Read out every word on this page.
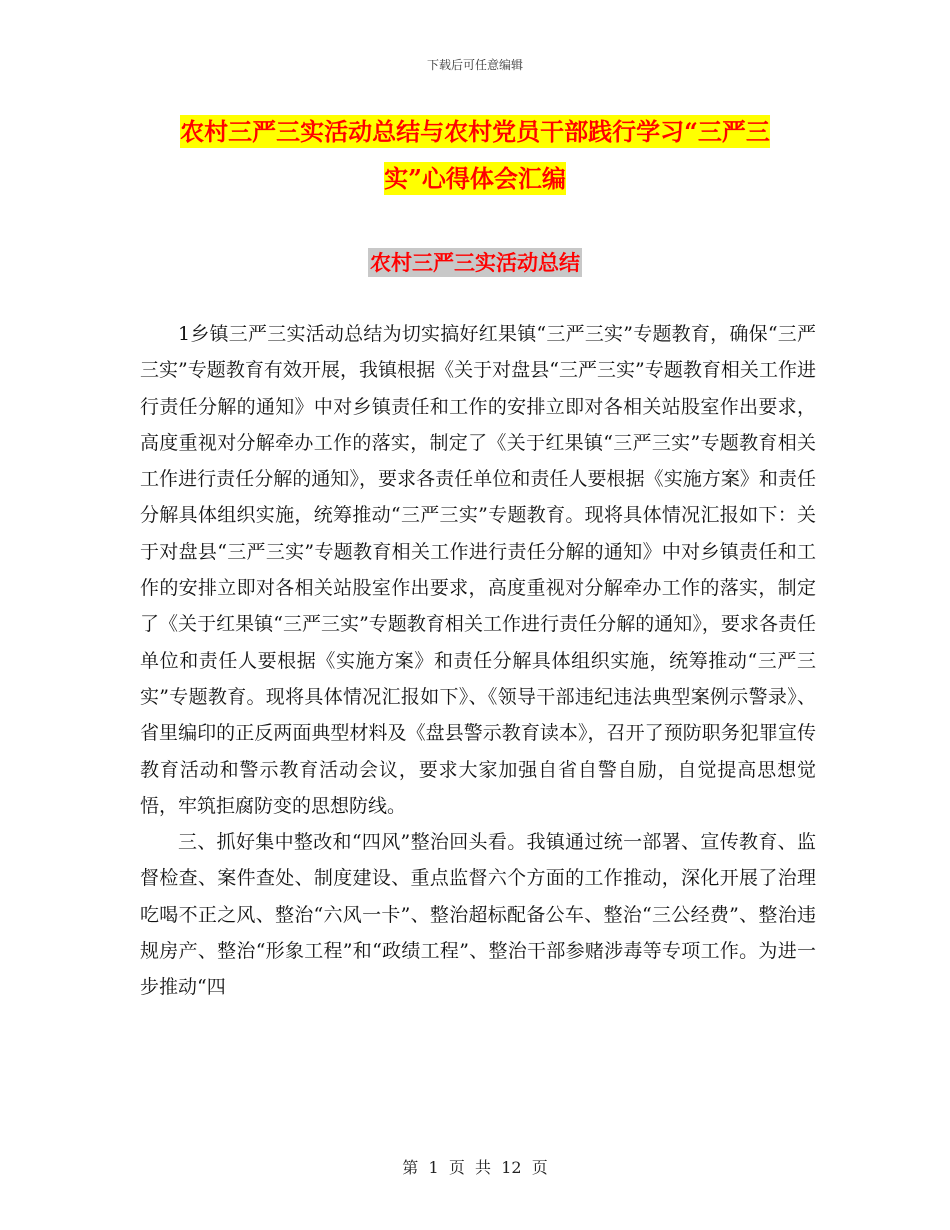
下载后可任意编辑
农村三严三实活动总结与农村党员干部践行学习“三严三实”心得体会汇编
农村三严三实活动总结

1乡镇三严三实活动总结为切实搞好红果镇“三严三实”专题教育，确保“三严三实”专题教育有效开展，我镇根据《关于对盘县“三严三实”专题教育相关工作进行责任分解的通知》中对乡镇责任和工作的安排立即对各相关站股室作出要求，高度重视对分解牵办工作的落实，制定了《关于红果镇“三严三实”专题教育相关工作进行责任分解的通知》，要求各责任单位和责任人要根据《实施方案》和责任分解具体组织实施，统筹推动“三严三实”专题教育。现将具体情况汇报如下：关于对盘县“三严三实”专题教育相关工作进行责任分解的通知》中对乡镇责任和工作的安排立即对各相关站股室作出要求，高度重视对分解牵办工作的落实，制定了《关于红果镇“三严三实”专题教育相关工作进行责任分解的通知》，要求各责任单位和责任人要根据《实施方案》和责任分解具体组织实施，统筹推动“三严三实”专题教育。现将具体情况汇报如下》、《领导干部违纪违法典型案例示警录》、省里编印的正反两面典型材料及《盘县警示教育读本》，召开了预防职务犯罪宣传教育活动和警示教育活动会议，要求大家加强自省自警自励，自觉提高思想觉悟，牢筑拒腐防变的思想防线。

三、抓好集中整改和“四风”整治回头看。我镇通过统一部署、宣传教育、监督检查、案件查处、制度建设、重点监督六个方面的工作推动，深化开展了治理吃喝不正之风、整治“六风一卡”、整治超标配备公车、整治“三公经费”、整治违规房产、整治“形象工程”和“政绩工程”、整治干部参赌涉毒等专项工作。为进一步推动“四

第 1 页 共 12 页
